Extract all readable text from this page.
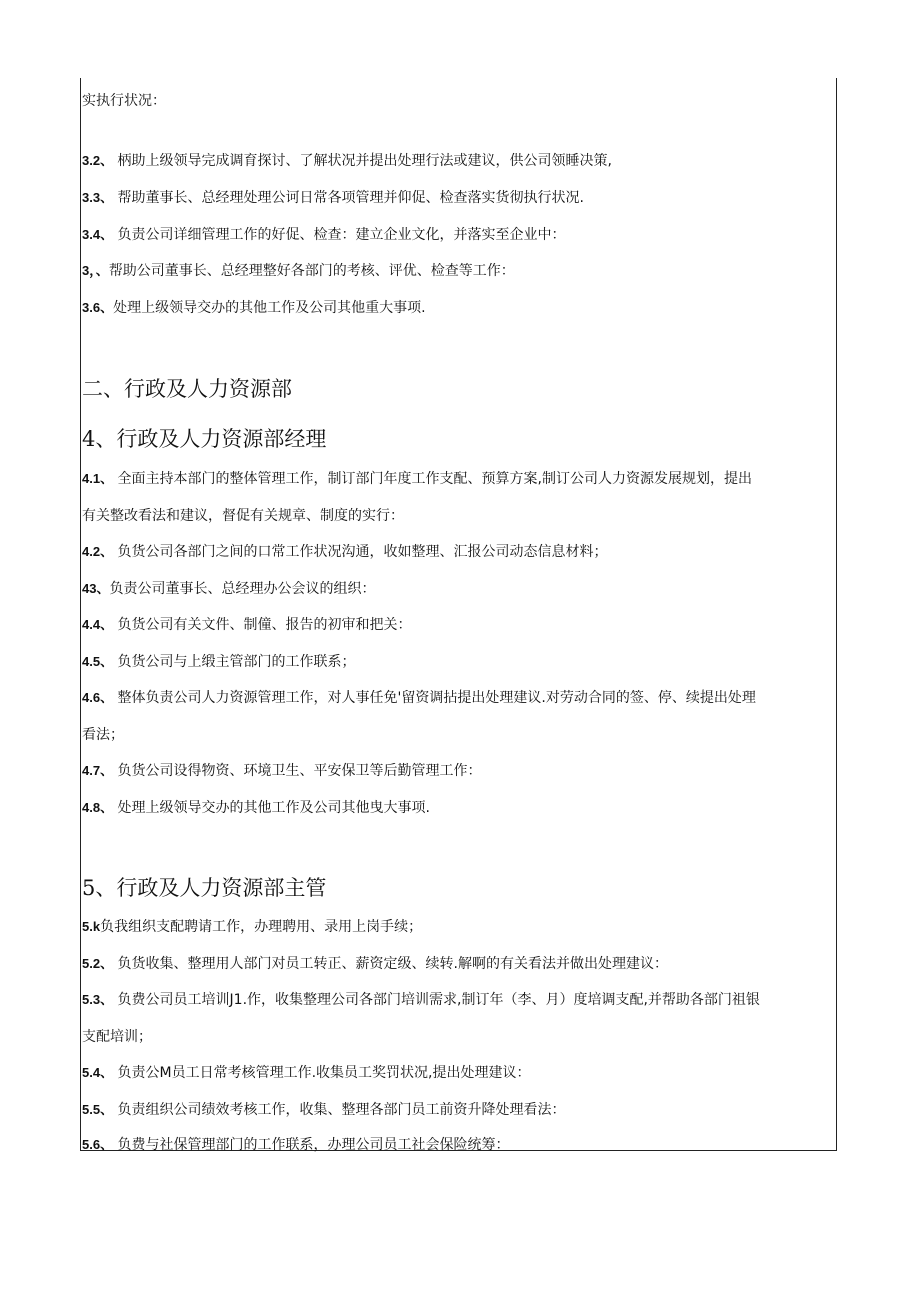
实执行状况：
3.2、 柄助上级领导完成调育探讨、了解状况并提出处理行法或建议，供公司领睡决策,
3.3、 帮助董事长、总经理处理公诃日常各项管理并仰促、检查落实货彻执行状况.
3.4、 负责公司详细管理工作的好促、检查：建立企业文化，并落实至企业中：
3，、帮助公司董事长、总经理整好各部门的考核、评优、检查等工作：
3.6、处理上级领导交办的其他工作及公司其他重大事项.
二、行政及人力资源部
4、行政及人力资源部经理
4.1、 全面主持本部门的整体管理工作，制订部门年度工作支配、预算方案,制订公司人力资源发展规划，提出
有关整改看法和建议，督促有关规章、制度的实行：
4.2、 负货公司各部门之间的口常工作状况沟通，收如整理、汇报公司动态信息材料；
43、负责公司董事长、总经理办公会议的组织：
4.4、 负货公司有关文件、制僮、报告的初审和把关：
4.5、 负货公司与上缎主管部门的工作联系；
4.6、 整体负责公司人力资源管理工作，对人事任免'留资调拈提出处理建议.对劳动合同的签、停、续提出处理
看法；
4.7、 负货公司设得物资、环境卫生、平安保卫等后勤管理工作：
4.8、 处理上级领导交办的其他工作及公司其他曳大事项.
5、行政及人力资源部主管
5.k负我组织支配聘请工作，办理聘用、录用上岗手续；
5.2、 负货收集、整理用人部门对员工转正、薪资定级、续转.解啊的有关看法并做出处理建议：
5.3、 负费公司员工培训J1.作，收集整理公司各部门培训需求,制订年（李、月）度培调支配,并帮助各部门祖银
支配培训；
5.4、 负责公M员工日常考核管理工作.收集员工奖罚状况,提出处理建议：
5.5、 负责组织公司绩效考核工作，收集、整理各部门员工前资升降处理看法：
5.6、 负费与社保管理部门的工作联系，办理公司员工社会保险统筹：
